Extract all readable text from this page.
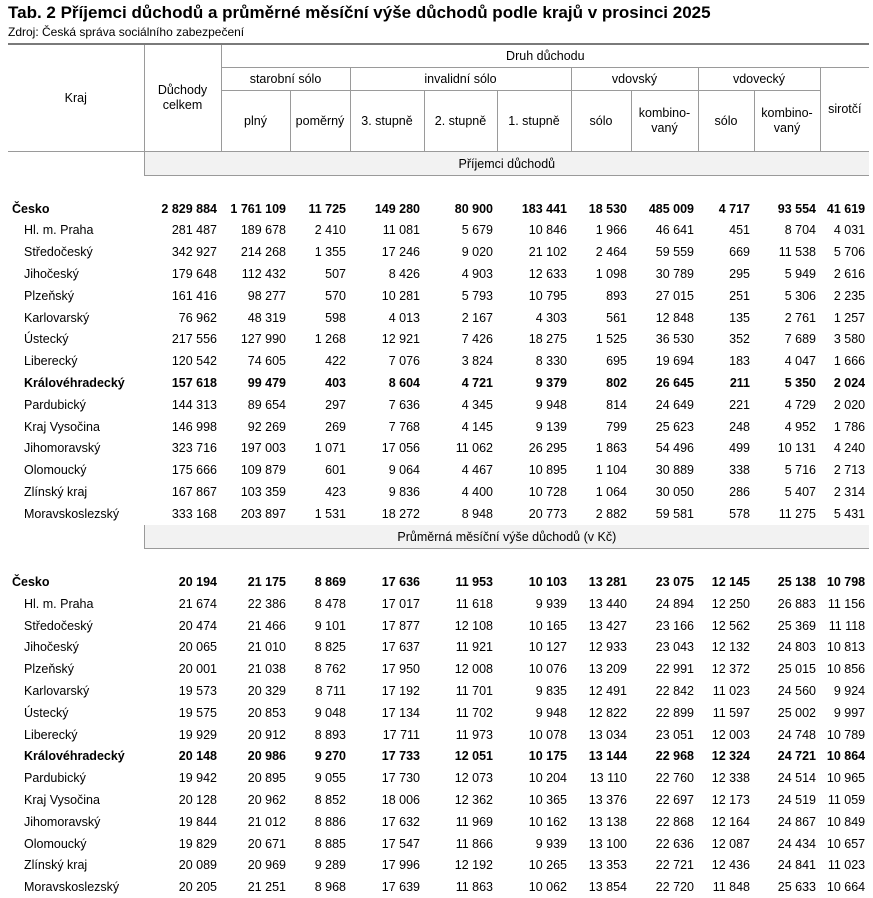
Tab. 2 Příjemci důchodů a průměrné měsíční výše důchodů podle krajů v prosinci 2025
Zdroj: Česká správa sociálního zabezpečení
Kraj	Důchody celkem	Druh důchodu									
		starobní sólo		invalidní sólo			vdovský		vdovecký		sirotčí
		plný	poměrný	3. stupně	2. stupně	1. stupně	sólo	kombino-vaný	sólo	kombino-vaný	
	Příjemci důchodů										

Česko	2 829 884	1 761 109	11 725	149 280	80 900	183 441	18 530	485 009	4 717	93 554	41 619
Hl. m. Praha	281 487	189 678	2 410	11 081	5 679	10 846	1 966	46 641	451	8 704	4 031
Středočeský	342 927	214 268	1 355	17 246	9 020	21 102	2 464	59 559	669	11 538	5 706
Jihočeský	179 648	112 432	507	8 426	4 903	12 633	1 098	30 789	295	5 949	2 616
Plzeňský	161 416	98 277	570	10 281	5 793	10 795	893	27 015	251	5 306	2 235
Karlovarský	76 962	48 319	598	4 013	2 167	4 303	561	12 848	135	2 761	1 257
Ústecký	217 556	127 990	1 268	12 921	7 426	18 275	1 525	36 530	352	7 689	3 580
Liberecký	120 542	74 605	422	7 076	3 824	8 330	695	19 694	183	4 047	1 666
Královéhradecký	157 618	99 479	403	8 604	4 721	9 379	802	26 645	211	5 350	2 024
Pardubický	144 313	89 654	297	7 636	4 345	9 948	814	24 649	221	4 729	2 020
Kraj Vysočina	146 998	92 269	269	7 768	4 145	9 139	799	25 623	248	4 952	1 786
Jihomoravský	323 716	197 003	1 071	17 056	11 062	26 295	1 863	54 496	499	10 131	4 240
Olomoucký	175 666	109 879	601	9 064	4 467	10 895	1 104	30 889	338	5 716	2 713
Zlínský kraj	167 867	103 359	423	9 836	4 400	10 728	1 064	30 050	286	5 407	2 314
Moravskoslezský	333 168	203 897	1 531	18 272	8 948	20 773	2 882	59 581	578	11 275	5 431
	Průměrná měsíční výše důchodů (v Kč)										

Česko	20 194	21 175	8 869	17 636	11 953	10 103	13 281	23 075	12 145	25 138	10 798
Hl. m. Praha	21 674	22 386	8 478	17 017	11 618	9 939	13 440	24 894	12 250	26 883	11 156
Středočeský	20 474	21 466	9 101	17 877	12 108	10 165	13 427	23 166	12 562	25 369	11 118
Jihočeský	20 065	21 010	8 825	17 637	11 921	10 127	12 933	23 043	12 132	24 803	10 813
Plzeňský	20 001	21 038	8 762	17 950	12 008	10 076	13 209	22 991	12 372	25 015	10 856
Karlovarský	19 573	20 329	8 711	17 192	11 701	9 835	12 491	22 842	11 023	24 560	9 924
Ústecký	19 575	20 853	9 048	17 134	11 702	9 948	12 822	22 899	11 597	25 002	9 997
Liberecký	19 929	20 912	8 893	17 711	11 973	10 078	13 034	23 051	12 003	24 748	10 789
Královéhradecký	20 148	20 986	9 270	17 733	12 051	10 175	13 144	22 968	12 324	24 721	10 864
Pardubický	19 942	20 895	9 055	17 730	12 073	10 204	13 110	22 760	12 338	24 514	10 965
Kraj Vysočina	20 128	20 962	8 852	18 006	12 362	10 365	13 376	22 697	12 173	24 519	11 059
Jihomoravský	19 844	21 012	8 886	17 632	11 969	10 162	13 138	22 868	12 164	24 867	10 849
Olomoucký	19 829	20 671	8 885	17 547	11 866	9 939	13 100	22 636	12 087	24 434	10 657
Zlínský kraj	20 089	20 969	9 289	17 996	12 192	10 265	13 353	22 721	12 436	24 841	11 023
Moravskoslezský	20 205	21 251	8 968	17 639	11 863	10 062	13 854	22 720	11 848	25 633	10 664
